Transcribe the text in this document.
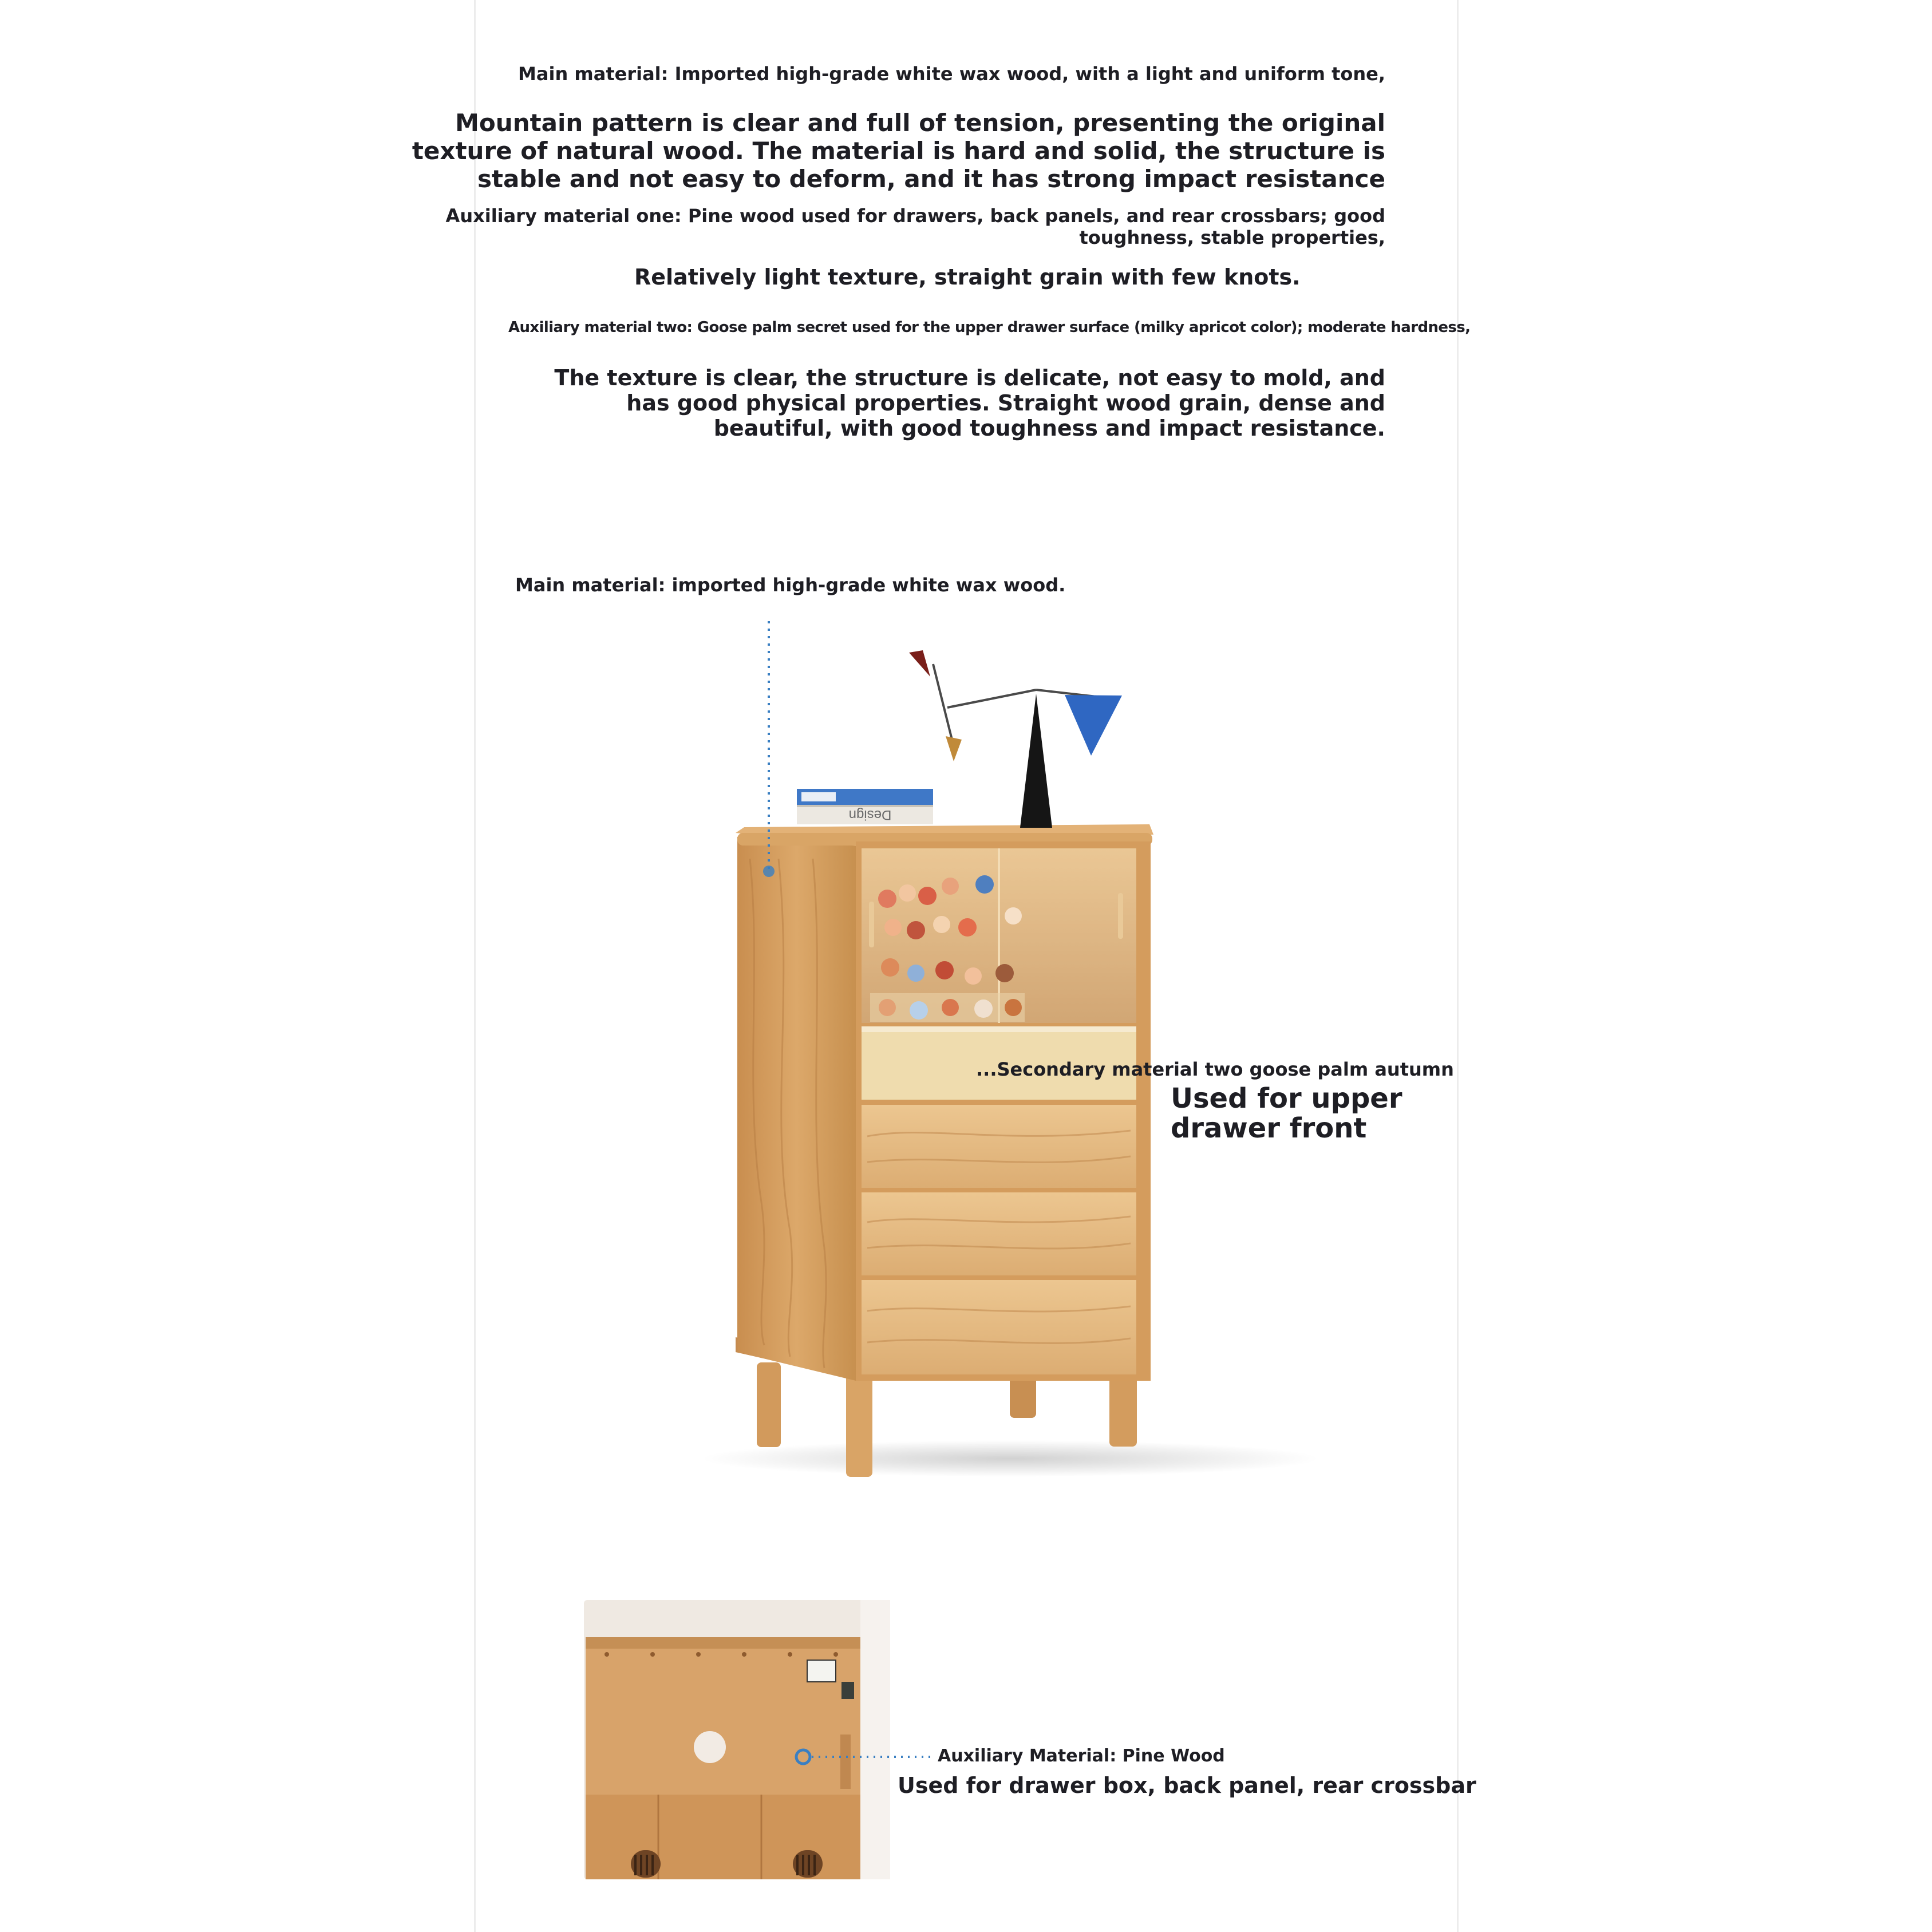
Main material: Imported high-grade white wax wood, with a light and uniform tone,
Mountain pattern is clear and full of tension, presenting the original
texture of natural wood. The material is hard and solid, the structure is
stable and not easy to deform, and it has strong impact resistance
Auxiliary material one: Pine wood used for drawers, back panels, and rear crossbars; good
toughness, stable properties,
Relatively light texture, straight grain with few knots.
Auxiliary material two: Goose palm secret used for the upper drawer surface (milky apricot color); moderate hardness,
The texture is clear, the structure is delicate, not easy to mold, and
has good physical properties. Straight wood grain, dense and
beautiful, with good toughness and impact resistance.
Design
Main material: imported high-grade white wax wood.
...Secondary material two goose palm autumn
Used for upper
drawer front
Auxiliary Material: Pine Wood
Used for drawer box, back panel, rear crossbar
